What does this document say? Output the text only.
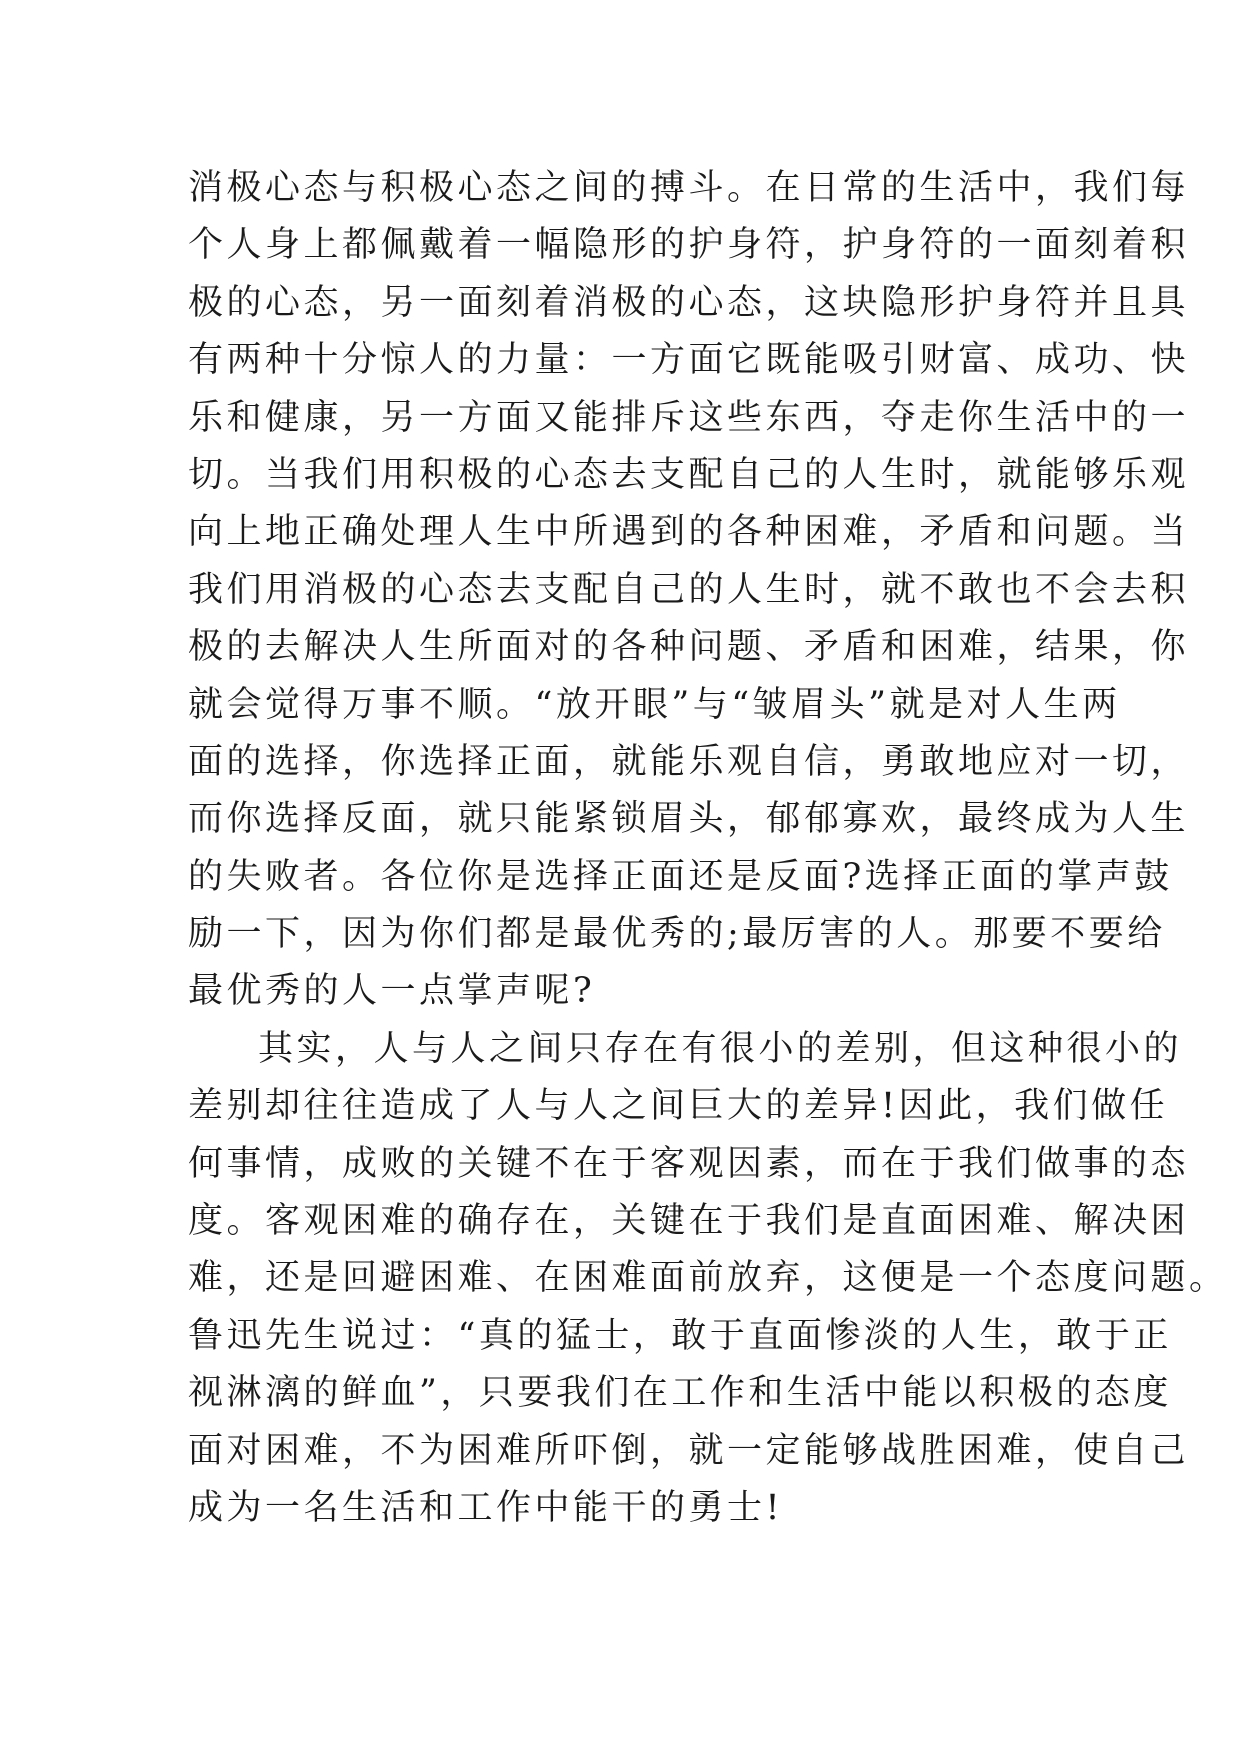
消极心态与积极心态之间的搏斗。在日常的生活中，我们每
个人身上都佩戴着一幅隐形的护身符，护身符的一面刻着积
极的心态，另一面刻着消极的心态，这块隐形护身符并且具
有两种十分惊人的力量：一方面它既能吸引财富、成功、快
乐和健康，另一方面又能排斥这些东西，夺走你生活中的一
切。当我们用积极的心态去支配自己的人生时，就能够乐观
向上地正确处理人生中所遇到的各种困难，矛盾和问题。当
我们用消极的心态去支配自己的人生时，就不敢也不会去积
极的去解决人生所面对的各种问题、矛盾和困难，结果，你
就会觉得万事不顺。“放开眼”与“皱眉头”就是对人生两
面的选择，你选择正面，就能乐观自信，勇敢地应对一切，
而你选择反面，就只能紧锁眉头，郁郁寡欢，最终成为人生
的失败者。各位你是选择正面还是反面?选择正面的掌声鼓
励一下，因为你们都是最优秀的;最厉害的人。那要不要给
最优秀的人一点掌声呢?
其实，人与人之间只存在有很小的差别，但这种很小的
差别却往往造成了人与人之间巨大的差异!因此，我们做任
何事情，成败的关键不在于客观因素，而在于我们做事的态
度。客观困难的确存在，关键在于我们是直面困难、解决困
难，还是回避困难、在困难面前放弃，这便是一个态度问题。
鲁迅先生说过：“真的猛士，敢于直面惨淡的人生，敢于正
视淋漓的鲜血”，只要我们在工作和生活中能以积极的态度
面对困难，不为困难所吓倒，就一定能够战胜困难，使自己
成为一名生活和工作中能干的勇士!
